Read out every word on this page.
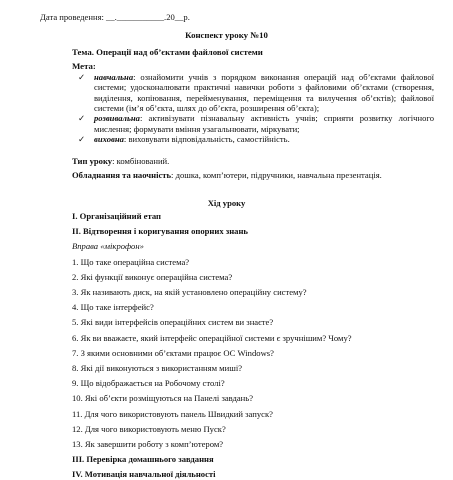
Дата проведення: __.___________.20__р.
Конспект уроку №10
Тема. Операції над об’єктами файлової системи
Мета:
✓ навчальна: ознайомити учнів з порядком виконання операцій над об’єктами файлової системи; удосконалювати практичні навички роботи з файловими об’єктами (створення, виділення, копіювання, перейменування, переміщення та вилучення об’єктів); файлової системи (ім’я об’єкта, шлях до об’єкта, розширення об’єкта);
✓ розвивальна: активізувати пізнавальну активність учнів; сприяти розвитку логічного мислення; формувати вміння узагальнювати, міркувати;
✓ виховна: виховувати відповідальність, самостійність.
Тип уроку: комбінований.
Обладнання та наочність: дошка, комп’ютери, підручники, навчальна презентація.
Хід уроку
I. Організаційний етап
II. Відтворення і коригування опорних знань
Вправа «мікрофон»
1. Що таке операційна система?
2. Які функції виконує операційна система?
3. Як називають диск, на якій установлено операційну систему?
4. Що таке інтерфейс?
5. Які види інтерфейсів операційних систем ви знаєте?
6. Як ви вважаєте, який інтерфейс операційної системи є зручнішим? Чому?
7. З якими основними об’єктами працює ОС Windows?
8. Які дії виконуються з використанням миші?
9. Що відображається на Робочому столі?
10. Які об’єкти розміщуються на Панелі завдань?
11. Для чого використовують панель Швидкий запуск?
12. Для чого використовують меню Пуск?
13. Як завершити роботу з комп’ютером?
ІІІ. Перевірка домашнього завдання
IV. Мотивація навчальної діяльності
